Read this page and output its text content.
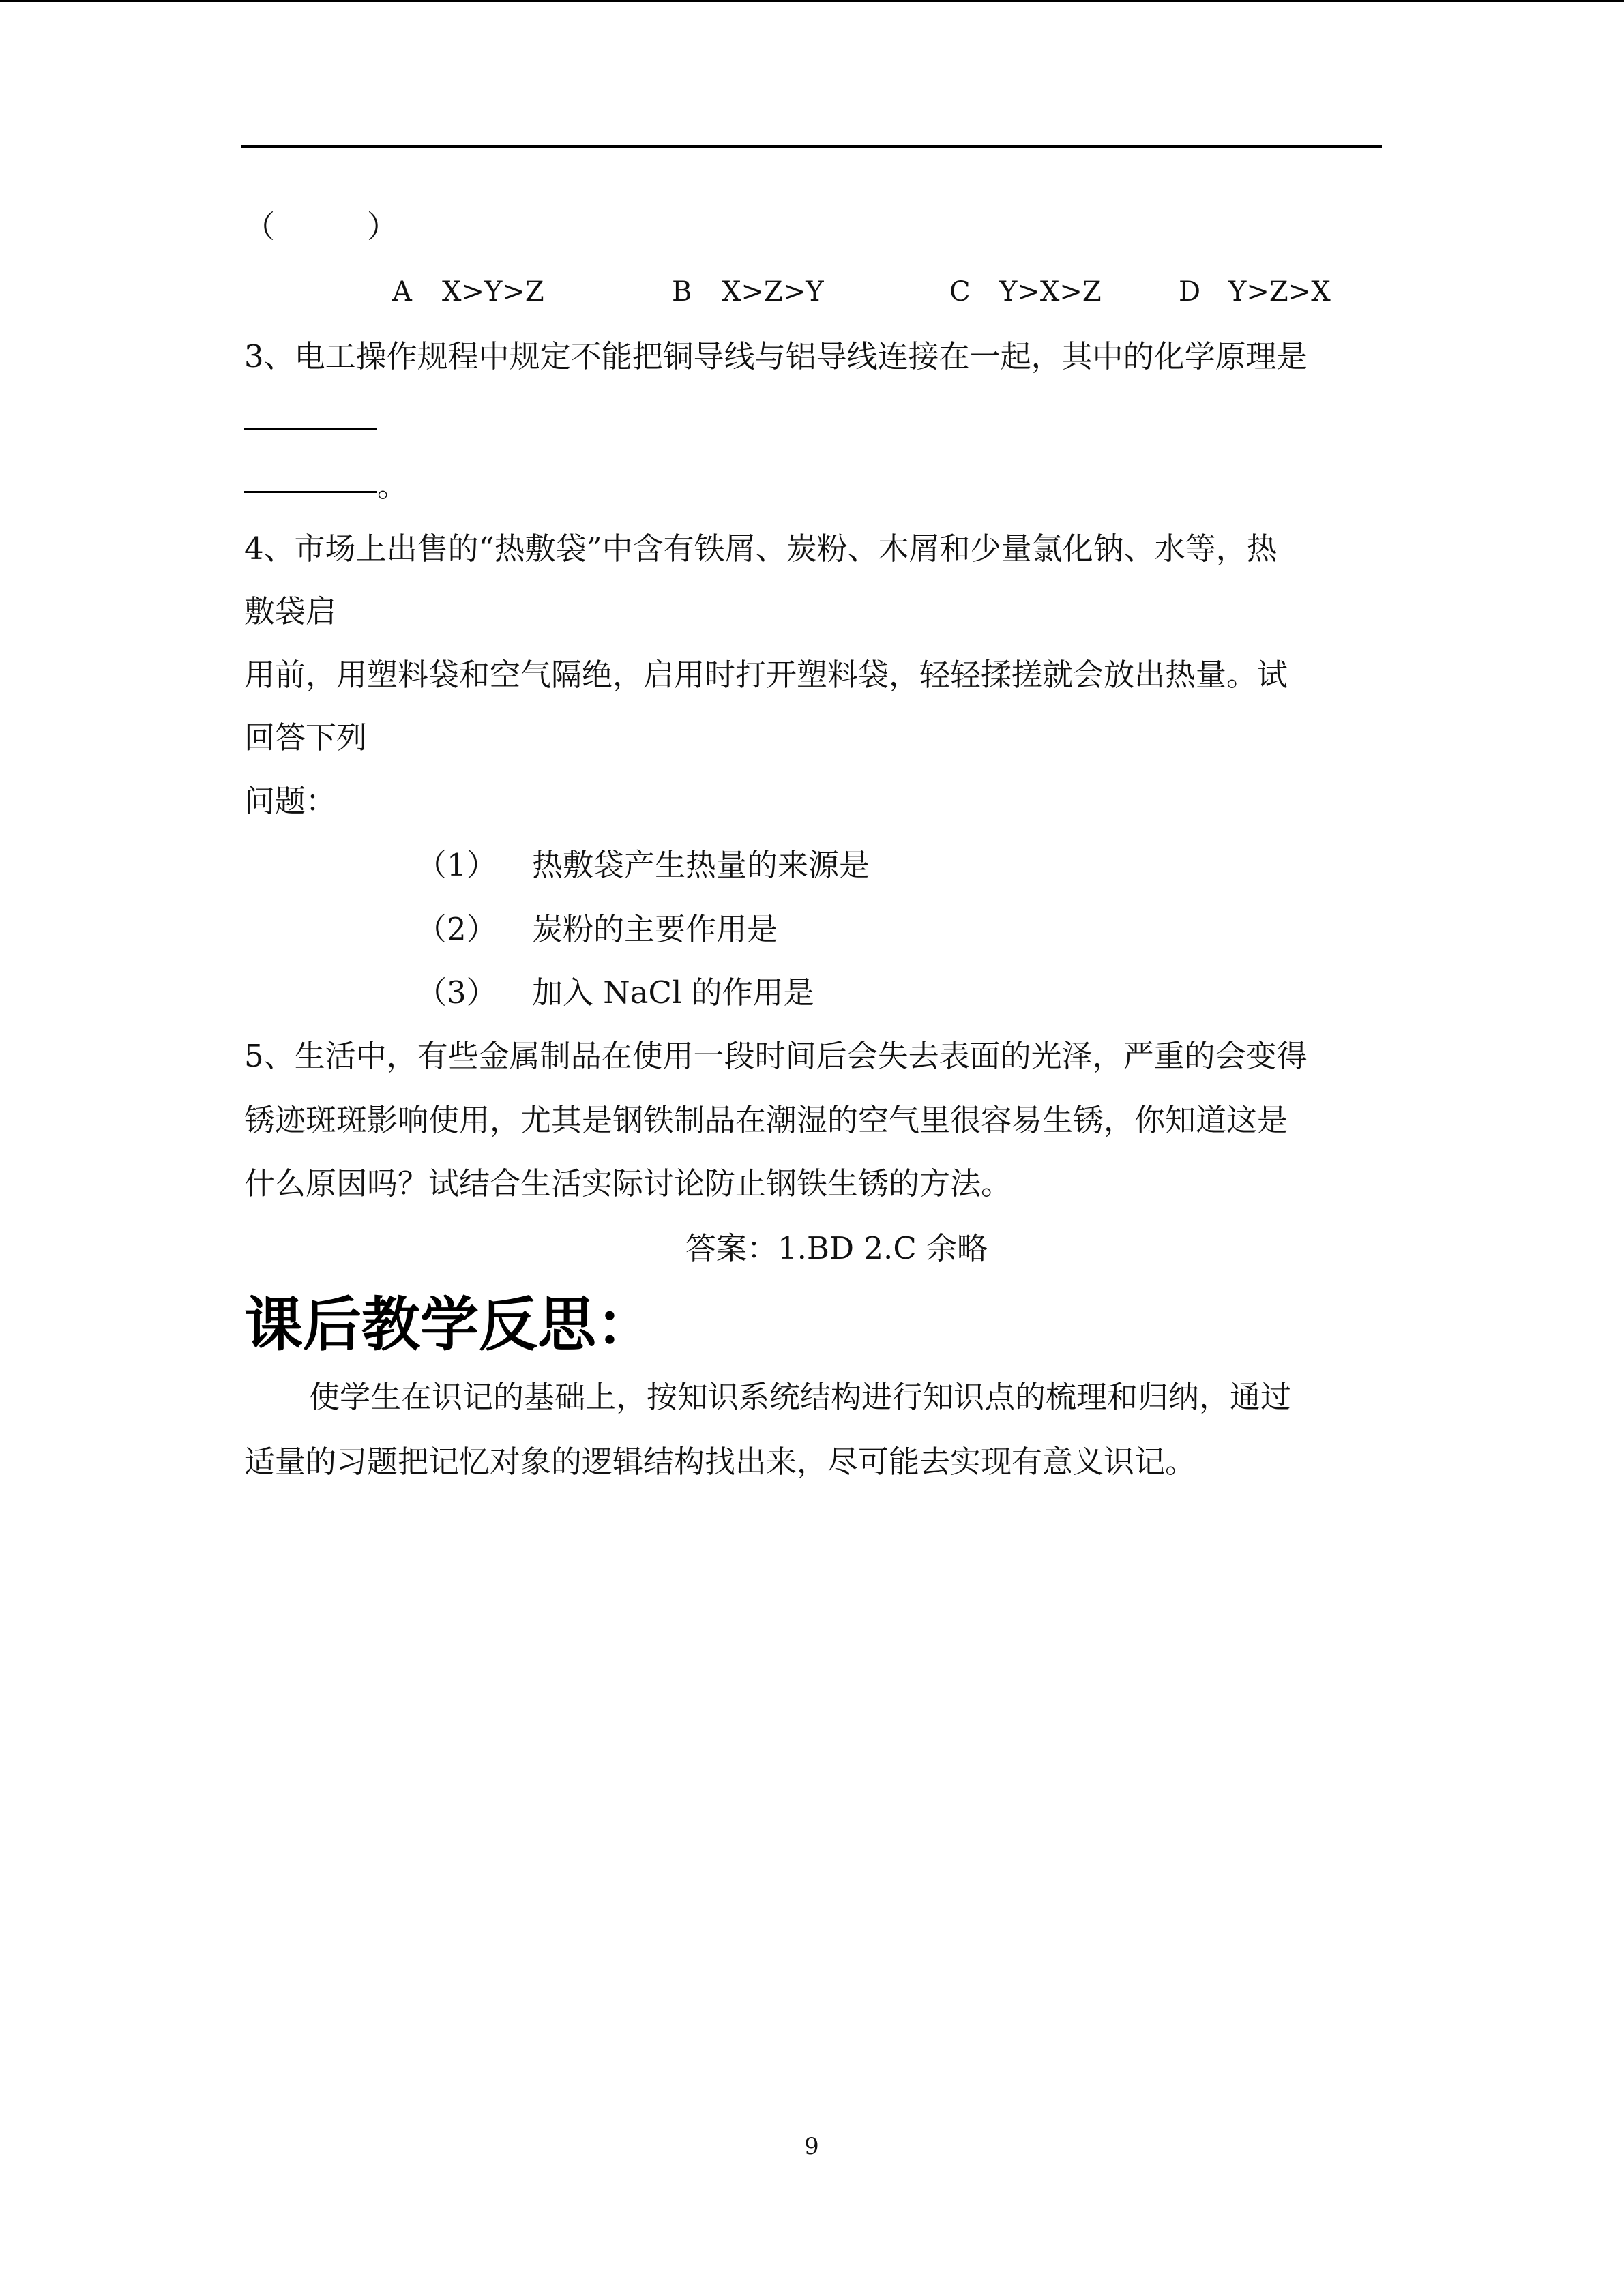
（　　　）
A X>Y>Z	B X>Z>Y	C Y>X>Z	D Y>Z>X
3、电工操作规程中规定不能把铜导线与铝导线连接在一起，其中的化学原理是
。
4、市场上出售的“热敷袋”中含有铁屑、炭粉、木屑和少量氯化钠、水等，热
敷袋启
用前，用塑料袋和空气隔绝，启用时打开塑料袋，轻轻揉搓就会放出热量。试
回答下列
问题：
（1） 热敷袋产生热量的来源是
（2） 炭粉的主要作用是
（3） 加入 NaCl 的作用是
5、生活中，有些金属制品在使用一段时间后会失去表面的光泽，严重的会变得
锈迹斑斑影响使用，尤其是钢铁制品在潮湿的空气里很容易生锈，你知道这是
什么原因吗？试结合生活实际讨论防止钢铁生锈的方法。
答案：1.BD 2.C 余略
课后教学反思：
使学生在识记的基础上，按知识系统结构进行知识点的梳理和归纳，通过
适量的习题把记忆对象的逻辑结构找出来，尽可能去实现有意义识记。
9
